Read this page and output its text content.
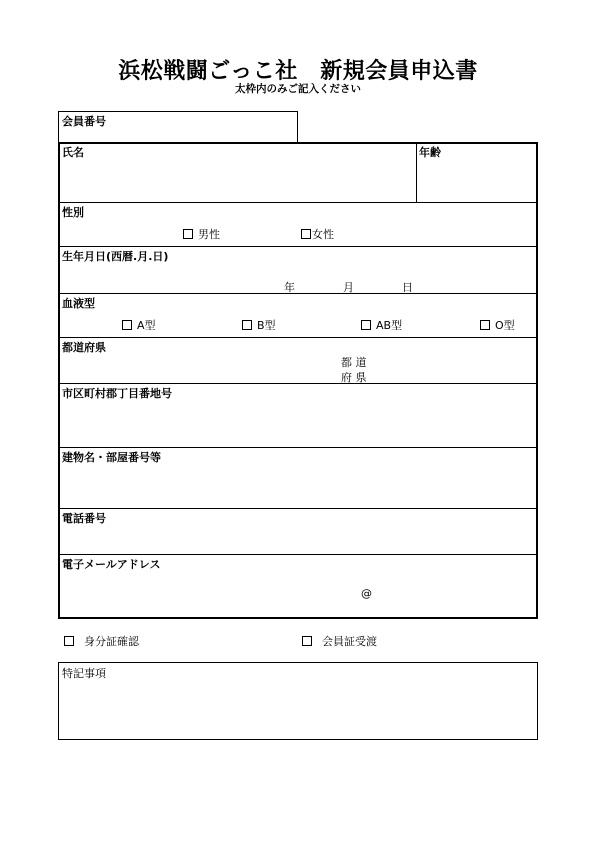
浜松戦闘ごっこ社　新規会員申込書
太枠内のみご記入ください
会員番号
氏名	年齢
性別
男性	女性
生年月日(西暦.月.日)
年	月	日
血液型
A型	B型	AB型	O型
都道府県
都 道
府 県
市区町村郡丁目番地号
建物名・部屋番号等
電話番号
電子メールアドレス
@
身分証確認	会員証受渡
特記事項
